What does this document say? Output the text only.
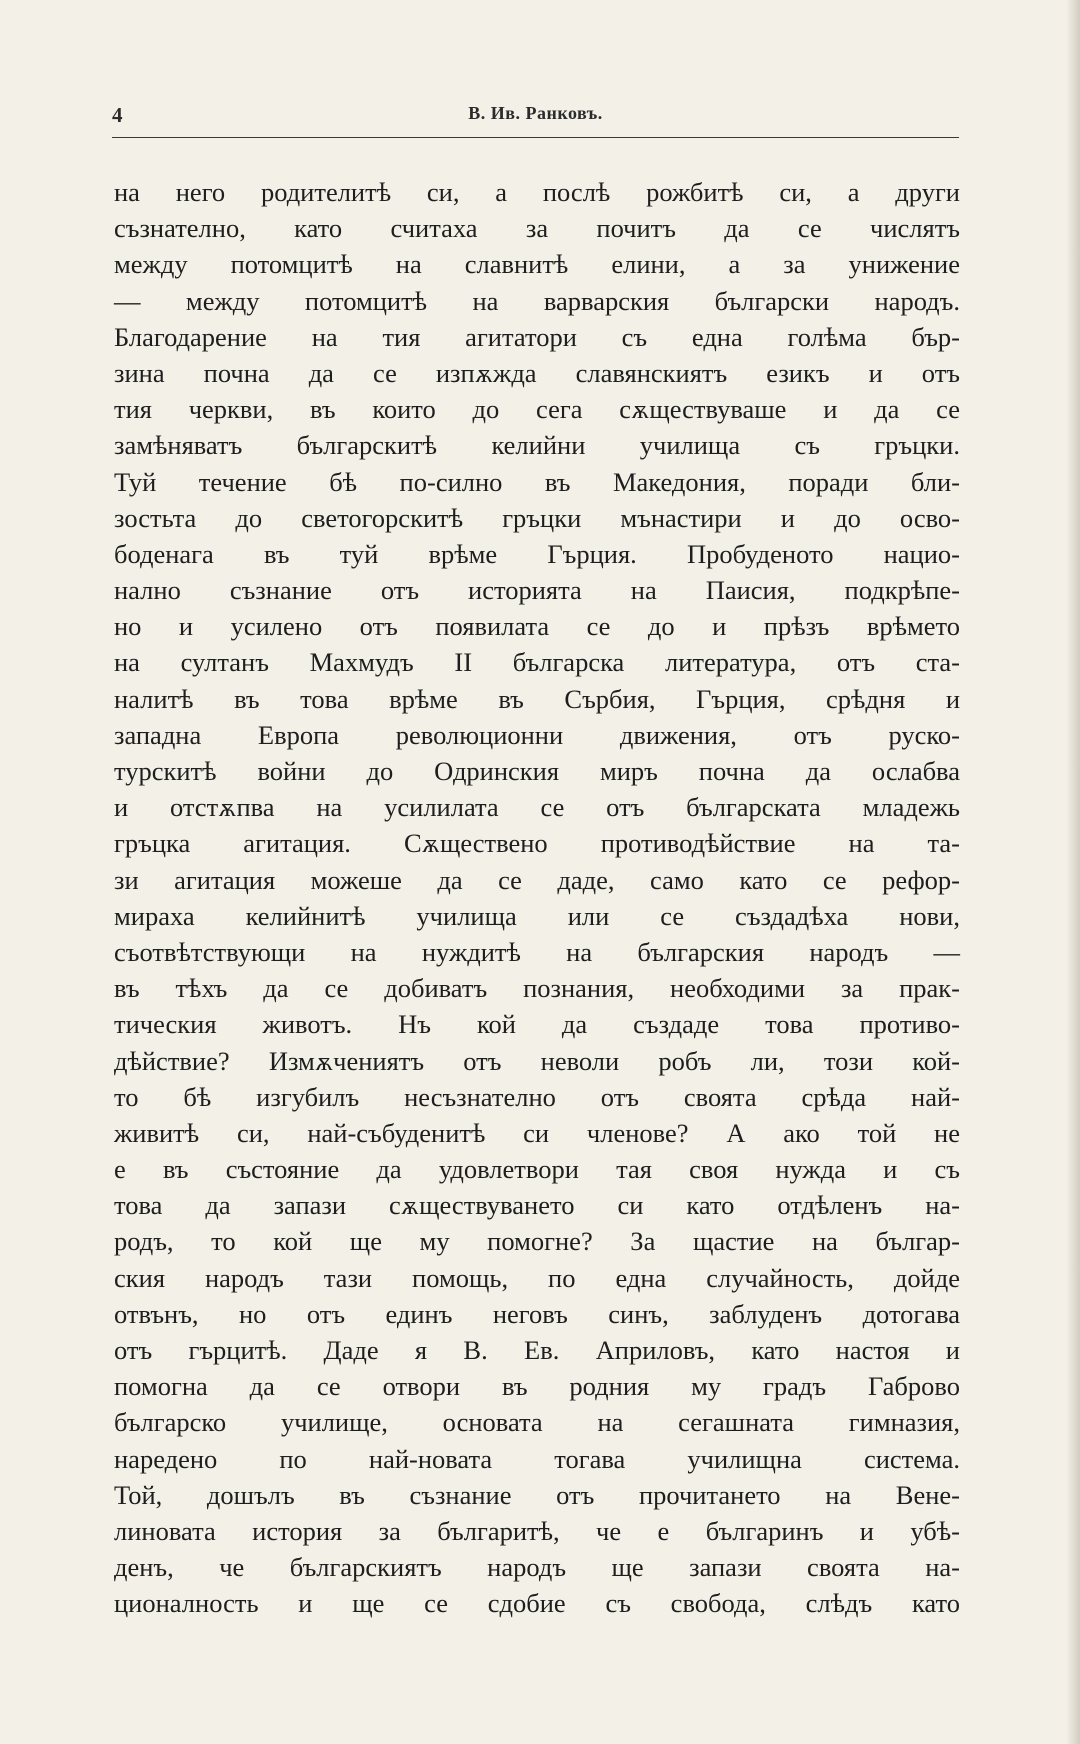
4	В. Ив. Ранковъ.
на него родителитѣ си, а послѣ рожбитѣ си, а други
съзнателно, като считаха за почитъ да се числятъ
между потомцитѣ на славнитѣ елини, а за унижение
— между потомцитѣ на варварския български народъ.
Благодарение на тия агитатори съ една голѣма бър-
зина почна да се изпѫжда славянскиятъ езикъ и отъ
тия черкви, въ които до сега сѫществуваше и да се
замѣняватъ българскитѣ келийни училища съ гръцки.
Туй течение бѣ по-силно въ Македония, поради бли-
зостьта до светогорскитѣ гръцки мънастири и до осво-
боденага въ туй врѣме Гърция. Пробуденото нацио-
нално съзнание отъ историята на Паисия, подкрѣпе-
но и усилено отъ появилата се до и прѣзъ врѣмето
на султанъ Махмудъ II българска литература, отъ ста-
налитѣ въ това врѣме въ Сърбия, Гърция, срѣдня и
западна Европа революционни движения, отъ руско-
турскитѣ войни до Одринския миръ почна да ослабва
и отстѫпва на усилилата се отъ българската младежь
гръцка агитация. Сѫществено противодѣйствие на та-
зи агитация можеше да се даде, само като се рефор-
мираха келийнитѣ училища или се създадѣха нови,
съотвѣтствующи на нуждитѣ на българския народъ —
въ тѣхъ да се добиватъ познания, необходими за прак-
тическия животъ. Нъ кой да създаде това противо-
дѣйствие? Измѫчениятъ отъ неволи робъ ли, този кой-
то бѣ изгубилъ несъзнателно отъ своята срѣда най-
живитѣ си, най-събуденитѣ си членове? А ако той не
е въ състояние да удовлетвори тая своя нужда и съ
това да запази сѫществуването си като отдѣленъ на-
родъ, то кой ще му помогне? За щастие на българ-
ския народъ тази помощь, по една случайность, дойде
отвънъ, но отъ единъ неговъ синъ, заблуденъ дотогава
отъ гърцитѣ. Даде я В. Ев. Априловъ, като настоя и
помогна да се отвори въ родния му градъ Габрово
българско училище, основата на сегашната гимназия,
наредено по най-новата тогава училищна система.
Той, дошълъ въ съзнание отъ прочитането на Вене-
линовата история за българитѣ, че е българинъ и убѣ-
денъ, че българскиятъ народъ ще запази своята на-
ционалность и ще се сдобие съ свобода, слѣдъ като
